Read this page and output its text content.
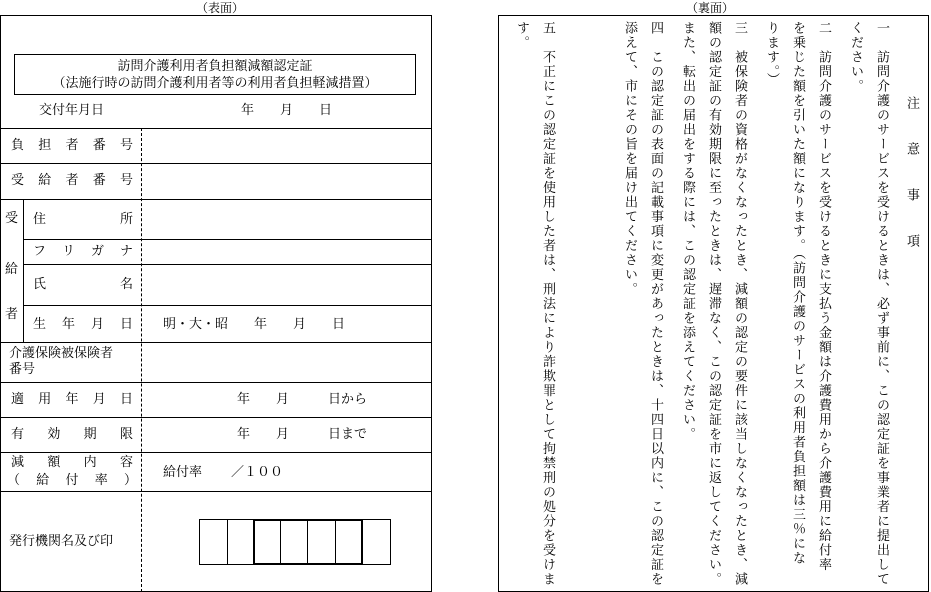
（表面）
訪問介護利用者負担額減額認定証
（法施行時の訪問介護利用者等の利用者負担軽減措置）
交付年月日	年　　月　　日
負 担 者 番 号
受 給 者 番 号
受
給
者
住	所
フ リ ガ ナ
氏	名
生 年 月 日 明・大・昭　　年　　月　　日
介護保険被保険者
番号
適 用 年 月 日	年　　月　　　日から
有 効 期 限	年　　月　　　日まで
減 額 内 容
（ 給 付 率 ）
給付率 ／１００
発行機関名及び印
（裏面）
注　意　事　項
一　訪問介護のサービスを受けるときは、必ず事前に、この認定証を事業者に提出して
ください。
二　訪問介護のサービスを受けるときに支払う金額は介護費用から介護費用に給付率
を乗じた額を引いた額になります。（訪問介護のサービスの利用者負担額は三％にな
ります。）
三　被保険者の資格がなくなったとき、減額の認定の要件に該当しなくなったとき、減
額の認定証の有効期限に至ったときは、遅滞なく、この認定証を市に返してください。
また、転出の届出をする際には、この認定証を添えてください。
四　この認定証の表面の記載事項に変更があったときは、十四日以内に、この認定証を
添えて、市にその旨を届け出てください。
五　不正にこの認定証を使用した者は、刑法により詐欺罪として拘禁刑の処分を受けま
す。
